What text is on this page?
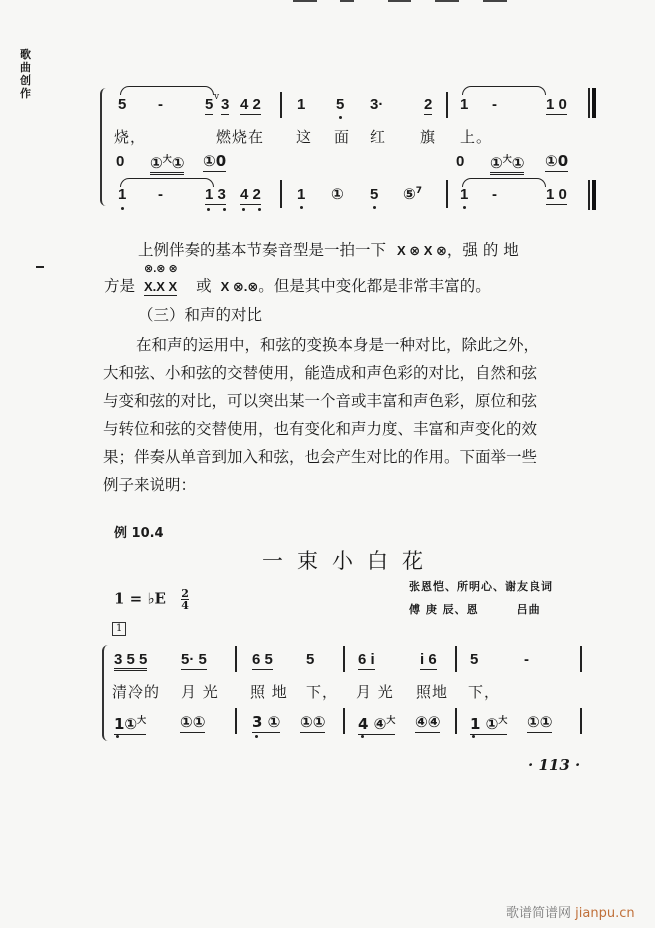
歌曲创作
5 -	5 v 3 4 2 1 5 3·	2 1 -	1 0
烧，	燃烧在 这 面 红 旗 上。
0 ①$^大$① ①0	0 ①$^大$① ①0
1 -	1 3 4 2 1 ① 5 ⑤$^7$	1 -	1 0
上例伴奏的基本节奏音型是一拍一下 X ⊗ X ⊗，强 的 地
⊗.⊗ ⊗
方是 X.X X 或 X ⊗.⊗。但是其中变化都是非常丰富的。
（三）和声的对比
在和声的运用中，和弦的变换本身是一种对比，除此之外，
大和弦、小和弦的交替使用，能造成和声色彩的对比，自然和弦
与变和弦的对比，可以突出某一个音或丰富和声色彩，原位和弦
与转位和弦的交替使用，也有变化和声力度、丰富和声变化的效
果；伴奏从单音到加入和弦，也会产生对比的作用。下面举一些
例子来说明：
例 10.4
一束小白花
1 = ♭E $\frac{2}{4}$
张恩恺、所明心、谢友良词
傅 庚 辰、恩	吕曲
1
3 5 5 5· 5	6 5 5	6 i	i 6 5	-
清冷的 月 光 照 地 下， 月 光 照地 下，
1①$^大$ ①①	3 ① ①① 4 ④$^大$ ④④ 1 ①$^大$ ①①
· 113 ·
歌谱简谱网 jianpu.cn
